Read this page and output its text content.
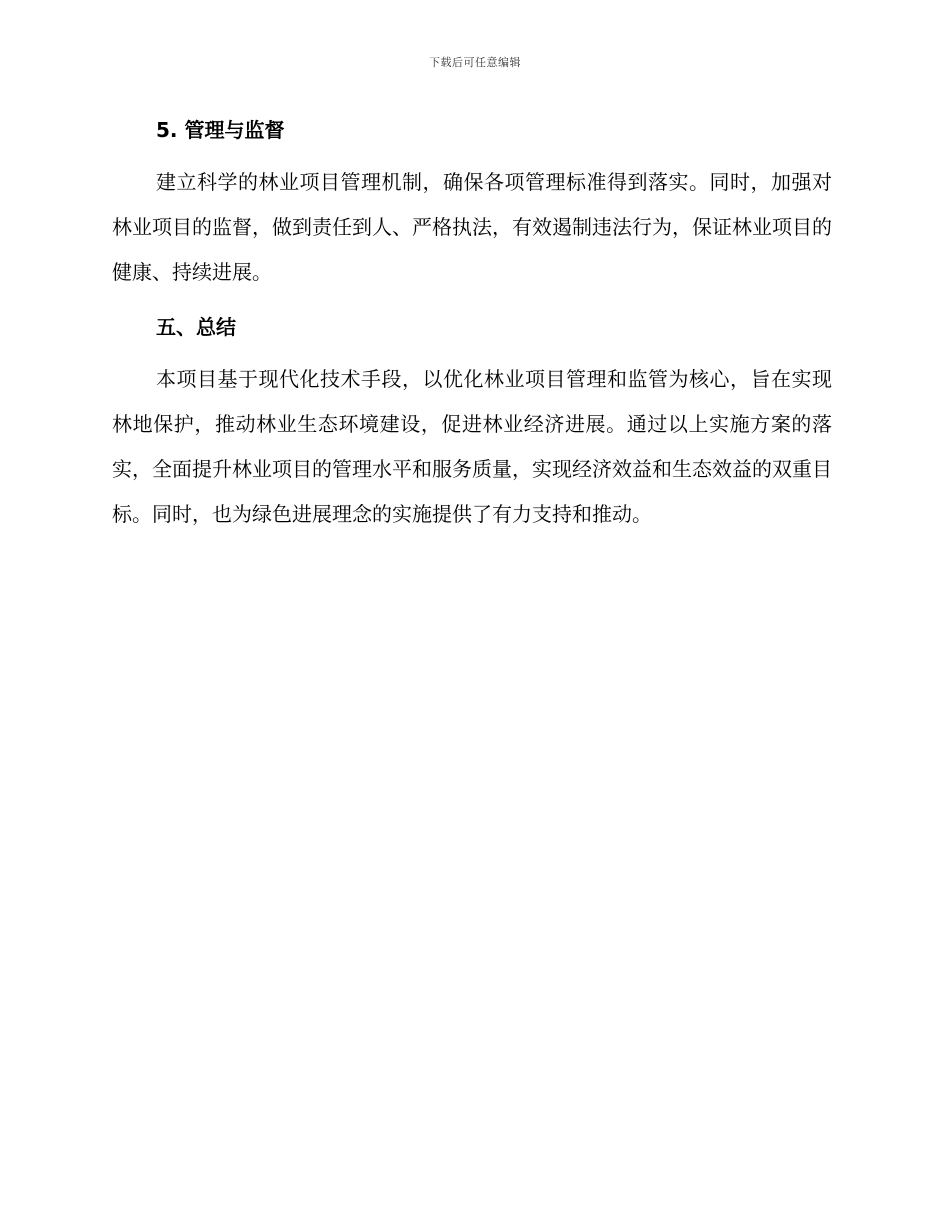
下载后可任意编辑
5. 管理与监督

建立科学的林业项目管理机制，确保各项管理标准得到落实。同时，加强对林业项目的监督，做到责任到人、严格执法，有效遏制违法行为，保证林业项目的健康、持续进展。

五、总结

本项目基于现代化技术手段，以优化林业项目管理和监管为核心，旨在实现林地保护，推动林业生态环境建设，促进林业经济进展。通过以上实施方案的落实，全面提升林业项目的管理水平和服务质量，实现经济效益和生态效益的双重目标。同时，也为绿色进展理念的实施提供了有力支持和推动。
